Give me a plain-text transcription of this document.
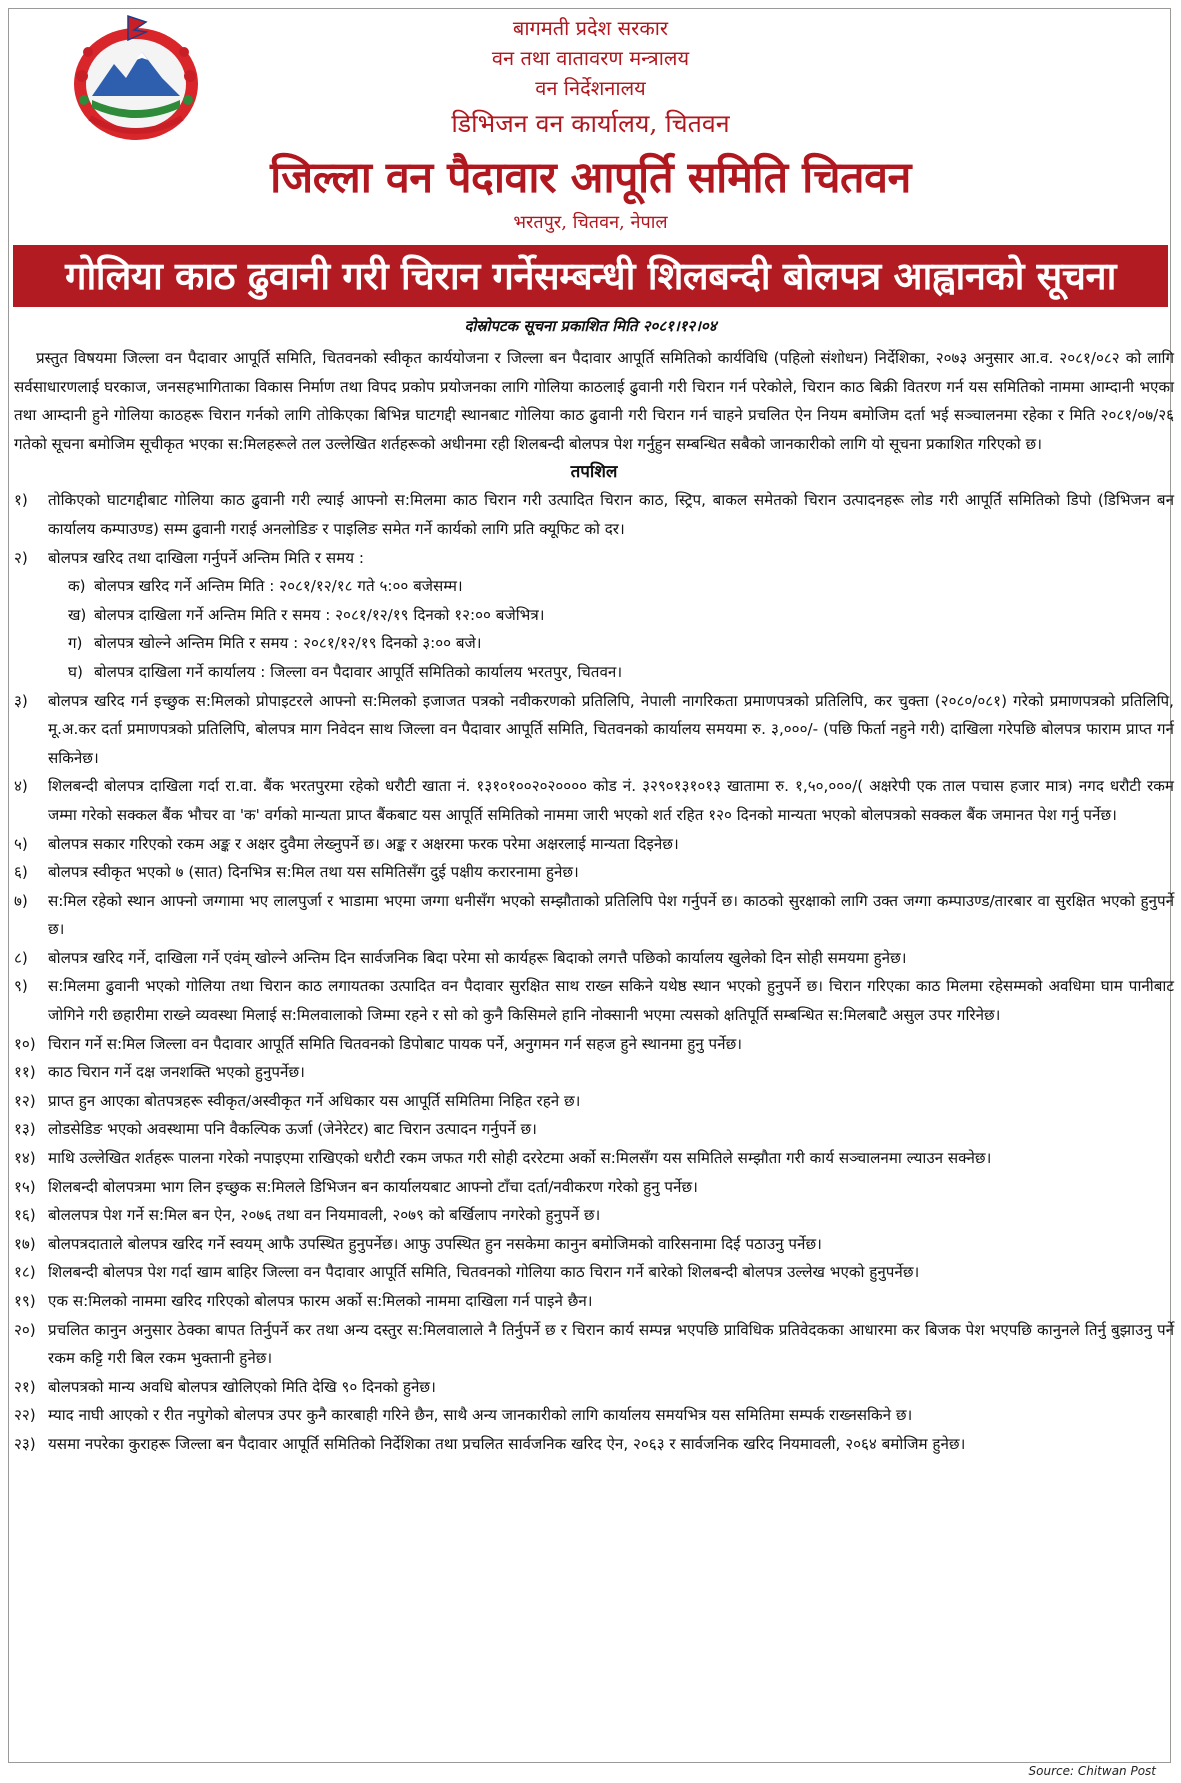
बागमती प्रदेश सरकार
वन तथा वातावरण मन्त्रालय
वन निर्देशनालय
डिभिजन वन कार्यालय, चितवन
जिल्ला वन पैदावार आपूर्ति समिति चितवन
भरतपुर, चितवन, नेपाल
गोलिया काठ ढुवानी गरी चिरान गर्नेसम्बन्धी शिलबन्दी बोलपत्र आह्वानको सूचना
दोस्रोपटक सूचना प्रकाशित मिति २०८१।१२।०४
प्रस्तुत विषयमा जिल्ला वन पैदावार आपूर्ति समिति, चितवनको स्वीकृत कार्ययोजना र जिल्ला बन पैदावार आपूर्ति समितिको कार्यविधि (पहिलो संशोधन) निर्देशिका, २०७३ अनुसार आ.व. २०८१/०८२ को लागि सर्वसाधारणलाई घरकाज, जनसहभागिताका विकास निर्माण तथा विपद प्रकोप प्रयोजनका लागि गोलिया काठलाई ढुवानी गरी चिरान गर्न परेकोले, चिरान काठ बिक्री वितरण गर्न यस समितिको नाममा आम्दानी भएका तथा आम्दानी हुने गोलिया काठहरू चिरान गर्नको लागि तोकिएका बिभिन्न घाटगद्दी स्थानबाट गोलिया काठ ढुवानी गरी चिरान गर्न चाहने प्रचलित ऐन नियम बमोजिम दर्ता भई सञ्चालनमा रहेका र मिति २०८१/०७/२६ गतेको सूचना बमोजिम सूचीकृत भएका स:मिलहरूले तल उल्लेखित शर्तहरूको अधीनमा रही शिलबन्दी बोलपत्र पेश गर्नुहुन सम्बन्धित सबैको जानकारीको लागि यो सूचना प्रकाशित गरिएको छ।
तपशिल
१)	तोकिएको घाटगद्दीबाट गोलिया काठ ढुवानी गरी ल्याई आफ्नो स:मिलमा काठ चिरान गरी उत्पादित चिरान काठ, स्ट्रिप, बाकल समेतको चिरान उत्पादनहरू लोड गरी आपूर्ति समितिको डिपो (डिभिजन बन कार्यालय कम्पाउण्ड) सम्म ढुवानी गराई अनलोडिङ र पाइलिङ समेत गर्ने कार्यको लागि प्रति क्यूफिट को दर।
२)	बोलपत्र खरिद तथा दाखिला गर्नुपर्ने अन्तिम मिति र समय :
क) बोलपत्र खरिद गर्ने अन्तिम मिति : २०८१/१२/१८ गते ५:०० बजेसम्म।
ख) बोलपत्र दाखिला गर्ने अन्तिम मिति र समय : २०८१/१२/१९ दिनको १२:०० बजेभित्र।
ग) बोलपत्र खोल्ने अन्तिम मिति र समय : २०८१/१२/१९ दिनको ३:०० बजे।
घ) बोलपत्र दाखिला गर्ने कार्यालय : जिल्ला वन पैदावार आपूर्ति समितिको कार्यालय भरतपुर, चितवन।
३)	बोलपत्र खरिद गर्न इच्छुक स:मिलको प्रोपाइटरले आफ्नो स:मिलको इजाजत पत्रको नवीकरणको प्रतिलिपि, नेपाली नागरिकता प्रमाणपत्रको प्रतिलिपि, कर चुक्ता (२०८०/०८१) गरेको प्रमाणपत्रको प्रतिलिपि, मू.अ.कर दर्ता प्रमाणपत्रको प्रतिलिपि, बोलपत्र माग निवेदन साथ जिल्ला वन पैदावार आपूर्ति समिति, चितवनको कार्यालय समयमा रु. ३,०००/- (पछि फिर्ता नहुने गरी) दाखिला गरेपछि बोलपत्र फाराम प्राप्त गर्न सकिनेछ।
४)	शिलबन्दी बोलपत्र दाखिला गर्दा रा.वा. बैंक भरतपुरमा रहेको धरौटी खाता नं. १३१०१००२०२०००० कोड नं. ३२९०१३१०१३ खातामा रु. १,५०,०००/( अक्षरेपी एक ताल पचास हजार मात्र) नगद धरौटी रकम जम्मा गरेको सक्कल बैंक भौचर वा 'क' वर्गको मान्यता प्राप्त बैंकबाट यस आपूर्ति समितिको नाममा जारी भएको शर्त रहित १२० दिनको मान्यता भएको बोलपत्रको सक्कल बैंक जमानत पेश गर्नु पर्नेछ।
५)	बोलपत्र सकार गरिएको रकम अङ्क र अक्षर दुवैमा लेख्नुपर्ने छ। अङ्क र अक्षरमा फरक परेमा अक्षरलाई मान्यता दिइनेछ।
६)	बोलपत्र स्वीकृत भएको ७ (सात) दिनभित्र स:मिल तथा यस समितिसँग दुई पक्षीय करारनामा हुनेछ।
७)	स:मिल रहेको स्थान आफ्नो जग्गामा भए लालपुर्जा र भाडामा भएमा जग्गा धनीसँग भएको सम्झौताको प्रतिलिपि पेश गर्नुपर्ने छ। काठको सुरक्षाको लागि उक्त जग्गा कम्पाउण्ड/तारबार वा सुरक्षित भएको हुनुपर्ने छ।
८)	बोलपत्र खरिद गर्ने, दाखिला गर्ने एवंम् खोल्ने अन्तिम दिन सार्वजनिक बिदा परेमा सो कार्यहरू बिदाको लगत्तै पछिको कार्यालय खुलेको दिन सोही समयमा हुनेछ।
९)	स:मिलमा ढुवानी भएको गोलिया तथा चिरान काठ लगायतका उत्पादित वन पैदावार सुरक्षित साथ राख्न सकिने यथेष्ठ स्थान भएको हुनुपर्ने छ। चिरान गरिएका काठ मिलमा रहेसम्मको अवधिमा घाम पानीबाट जोगिने गरी छहारीमा राख्ने व्यवस्था मिलाई स:मिलवालाको जिम्मा रहने र सो को कुनै किसिमले हानि नोक्सानी भएमा त्यसको क्षतिपूर्ति सम्बन्धित स:मिलबाटै असुल उपर गरिनेछ।
१०) चिरान गर्ने स:मिल जिल्ला वन पैदावार आपूर्ति समिति चितवनको डिपोबाट पायक पर्ने, अनुगमन गर्न सहज हुने स्थानमा हुनु पर्नेछ।
११) काठ चिरान गर्ने दक्ष जनशक्ति भएको हुनुपर्नेछ।
१२) प्राप्त हुन आएका बोतपत्रहरू स्वीकृत/अस्वीकृत गर्ने अधिकार यस आपूर्ति समितिमा निहित रहने छ।
१३) लोडसेडिङ भएको अवस्थामा पनि वैकल्पिक ऊर्जा (जेनेरेटर) बाट चिरान उत्पादन गर्नुपर्ने छ।
१४) माथि उल्लेखित शर्तहरू पालना गरेको नपाइएमा राखिएको धरौटी रकम जफत गरी सोही दररेटमा अर्को स:मिलसँग यस समितिले सम्झौता गरी कार्य सञ्चालनमा ल्याउन सक्नेछ।
१५) शिलबन्दी बोलपत्रमा भाग लिन इच्छुक स:मिलले डिभिजन बन कार्यालयबाट आफ्नो टाँचा दर्ता/नवीकरण गरेको हुनु पर्नेछ।
१६) बोललपत्र पेश गर्ने स:मिल बन ऐन, २०७६ तथा वन नियमावली, २०७९ को बर्खिलाप नगरेको हुनुपर्ने छ।
१७) बोलपत्रदाताले बोलपत्र खरिद गर्ने स्वयम् आफै उपस्थित हुनुपर्नेछ। आफु उपस्थित हुन नसकेमा कानुन बमोजिमको वारिसनामा दिई पठाउनु पर्नेछ।
१८) शिलबन्दी बोलपत्र पेश गर्दा खाम बाहिर जिल्ला वन पैदावार आपूर्ति समिति, चितवनको गोलिया काठ चिरान गर्ने बारेको शिलबन्दी बोलपत्र उल्लेख भएको हुनुपर्नेछ।
१९) एक स:मिलको नाममा खरिद गरिएको बोलपत्र फारम अर्को स:मिलको नाममा दाखिला गर्न पाइने छैन।
२०) प्रचलित कानुन अनुसार ठेक्का बापत तिर्नुपर्ने कर तथा अन्य दस्तुर स:मिलवालाले नै तिर्नुपर्ने छ र चिरान कार्य सम्पन्न भएपछि प्राविधिक प्रतिवेदकका आधारमा कर बिजक पेश भएपछि कानुनले तिर्नु बुझाउनु पर्ने रकम कट्टि गरी बिल रकम भुक्तानी हुनेछ।
२१) बोलपत्रको मान्य अवधि बोलपत्र खोलिएको मिति देखि ९० दिनको हुनेछ।
२२) म्याद नाघी आएको र रीत नपुगेको बोलपत्र उपर कुनै कारबाही गरिने छैन, साथै अन्य जानकारीको लागि कार्यालय समयभित्र यस समितिमा सम्पर्क राख्नसकिने छ।
२३) यसमा नपरेका कुराहरू जिल्ला बन पैदावार आपूर्ति समितिको निर्देशिका तथा प्रचलित सार्वजनिक खरिद ऐन, २०६३ र सार्वजनिक खरिद नियमावली, २०६४ बमोजिम हुनेछ।
Source: Chitwan Post
